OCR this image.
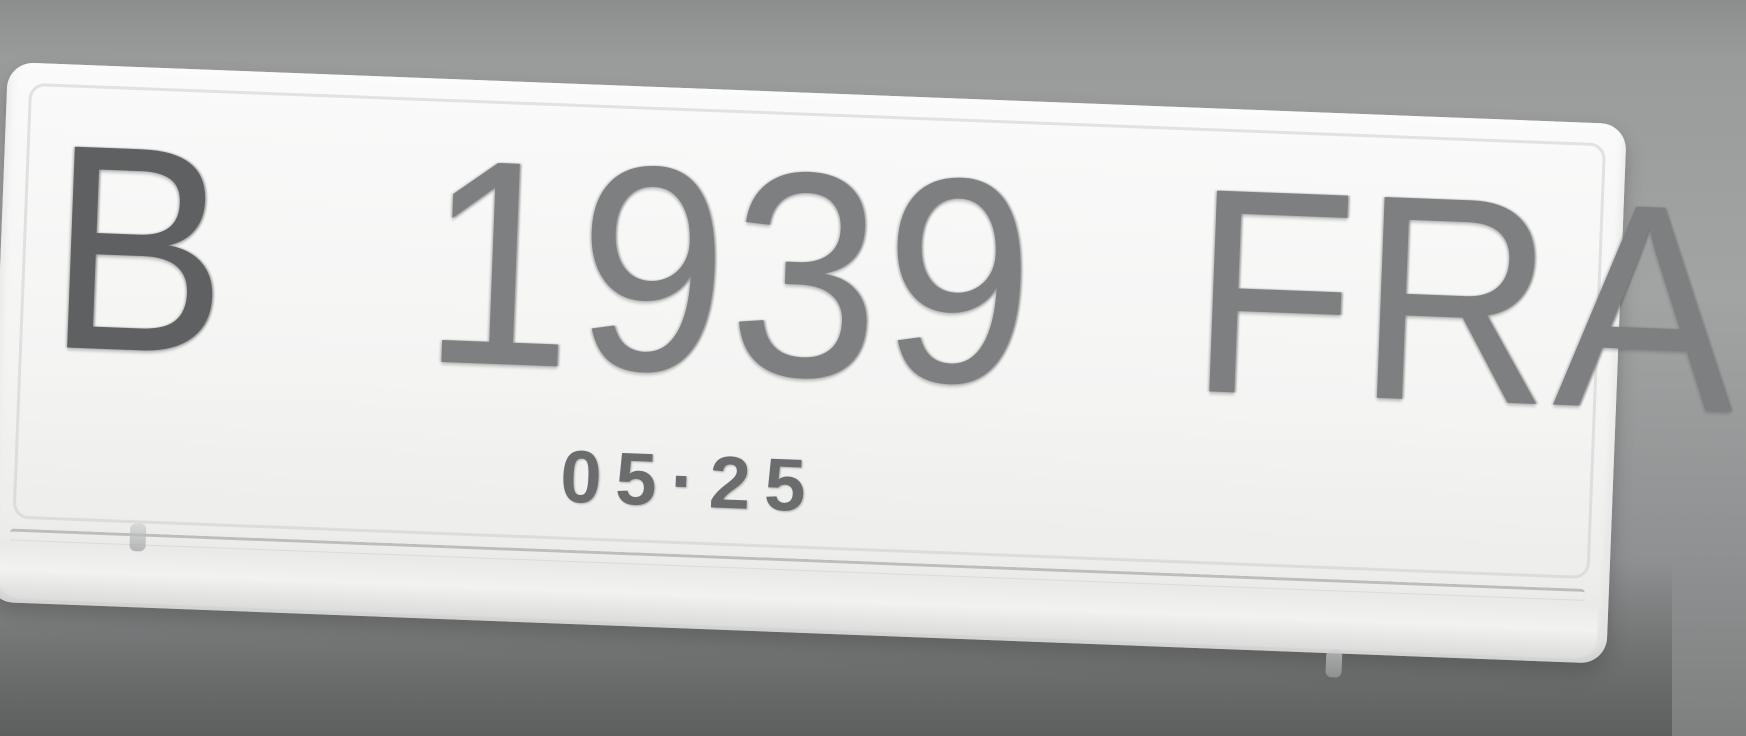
B 1939 FRA
05·25
